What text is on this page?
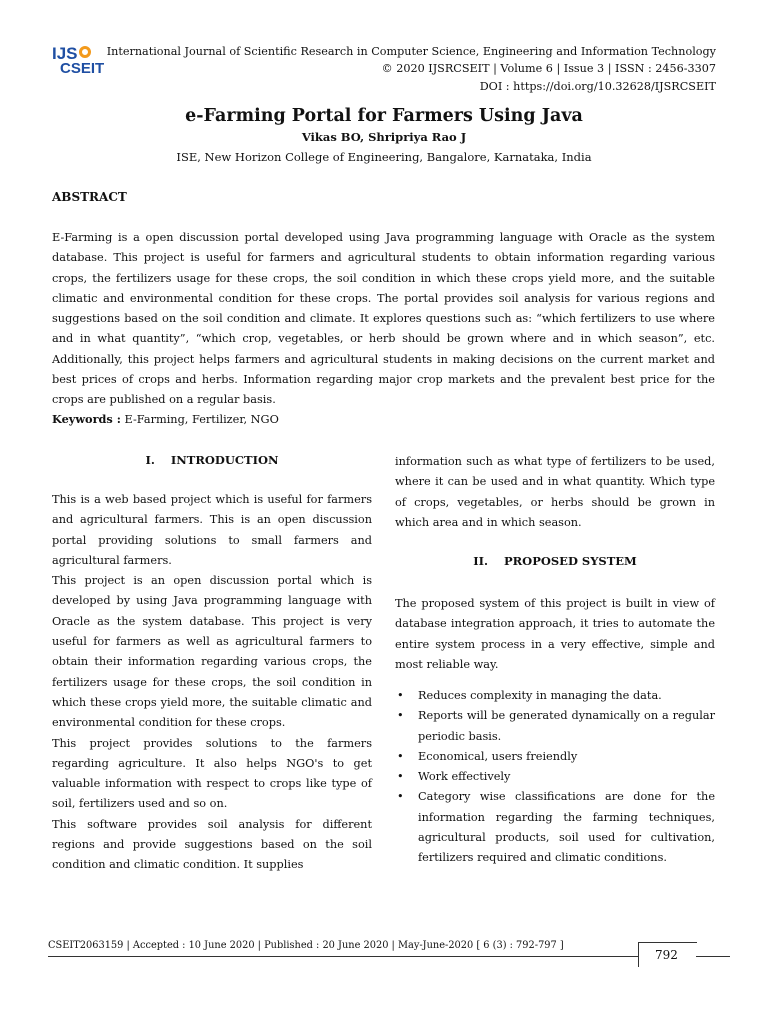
IJS
CSEIT
International Journal of Scientific Research in Computer Science, Engineering and Information Technology
© 2020 IJSRCSEIT | Volume 6 | Issue 3 | ISSN : 2456-3307
DOI : https://doi.org/10.32628/IJSRCSEIT
e-Farming Portal for Farmers Using Java
Vikas BO, Shripriya Rao J
ISE, New Horizon College of Engineering, Bangalore, Karnataka, India
ABSTRACT
E-Farming is a open discussion portal developed using Java programming language with Oracle as the system database. This project is useful for farmers and agricultural students to obtain information regarding various crops, the fertilizers usage for these crops, the soil condition in which these crops yield more, and the suitable climatic and environmental condition for these crops. The portal provides soil analysis for various regions and suggestions based on the soil condition and climate. It explores questions such as: “which fertilizers to use where and in what quantity”, “which crop, vegetables, or herb should be grown where and in which season”, etc. Additionally, this project helps farmers and agricultural students in making decisions on the current market and best prices of crops and herbs. Information regarding major crop markets and the prevalent best price for the crops are published on a regular basis.
Keywords : E-Farming, Fertilizer, NGO
I.    INTRODUCTION

This is a web based project which is useful for farmers and agricultural farmers. This is an open discussion portal providing solutions to small farmers and agricultural farmers.

This project is an open discussion portal which is developed by using Java programming language with Oracle as the system database. This project is very useful for farmers as well as agricultural farmers to obtain their information regarding various crops, the fertilizers usage for these crops, the soil condition in which these crops yield more, the suitable climatic and environmental condition for these crops.

This project provides solutions to the farmers regarding agriculture. It also helps NGO's to get valuable information with respect to crops like type of soil, fertilizers used and so on.

This software provides soil analysis for different regions and provide suggestions based on the soil condition and climatic condition. It supplies

information such as what type of fertilizers to be used, where it can be used and in what quantity. Which type of crops, vegetables, or herbs should be grown in which area and in which season.
II.    PROPOSED SYSTEM
The proposed system of this project is built in view of database integration approach, it tries to automate the entire system process in a very effective, simple and most reliable way.
• Reduces complexity in managing the data.
• Reports will be generated dynamically on a regular periodic basis.
• Economical, users freiendly
• Work effectively
• Category wise classifications are done for the information regarding the farming techniques, agricultural products, soil used for cultivation, fertilizers required and climatic conditions.
CSEIT2063159 | Accepted : 10 June 2020 | Published : 20 June 2020 | May-June-2020 [ 6 (3) : 792-797 ]
792
